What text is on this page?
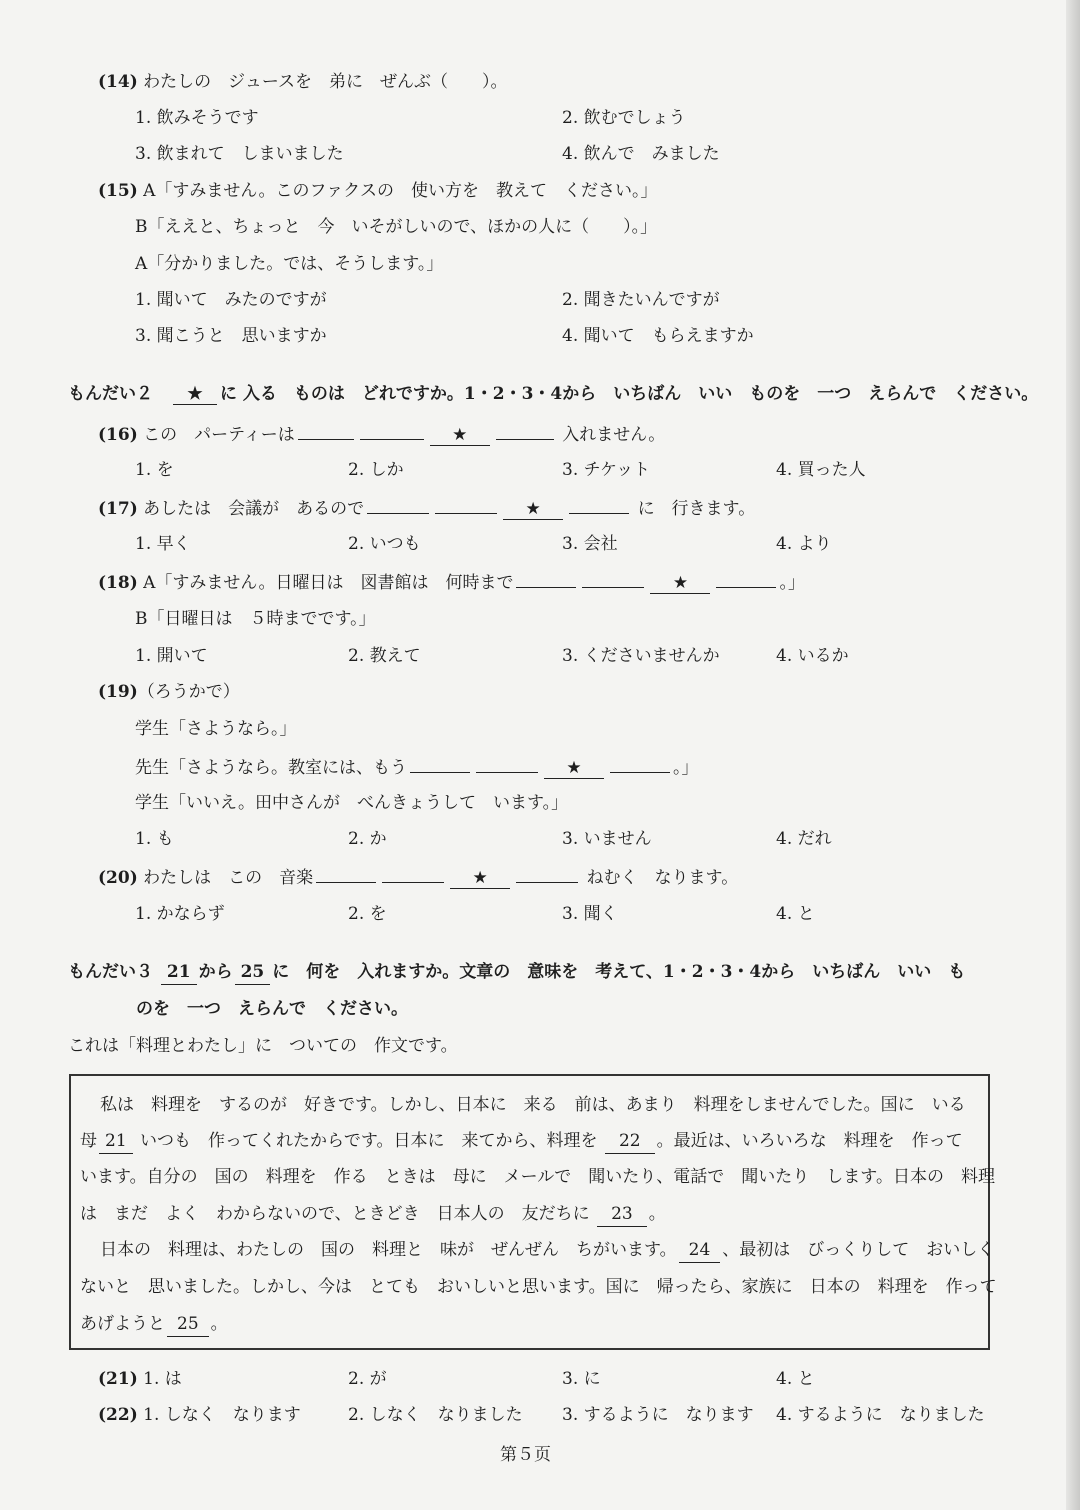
(14) わたしの　ジュースを　弟に　ぜんぶ（　　）。
1. 飲みそうです	2. 飲むでしょう
3. 飲まれて　しまいました	4. 飲んで　みました
(15) A「すみません。このファクスの　使い方を　教えて　ください。」
B「ええと、ちょっと　今　いそがしいので、ほかの人に（　　）。」
A「分かりました。では、そうします。」
1. 聞いて　みたのですが	2. 聞きたいんですが
3. 聞こうと　思いますか	4. 聞いて　もらえますか
もんだい２　★ に 入る　ものは　どれですか。1・2・3・4から　いちばん　いい　ものを　一つ　えらんで　ください。
(16) この　パーティーは	★	入れません。
1. を	2. しか	3. チケット	4. 買った人
(17) あしたは　会議が　あるので	★	に　行きます。
1. 早く	2. いつも	3. 会社	4. より
(18) A「すみません。日曜日は　図書館は　何時まで	★	。」
B「日曜日は　５時までです。」
1. 開いて	2. 教えて	3. くださいませんか	4. いるか
(19)（ろうかで）
学生「さようなら。」
先生「さようなら。教室には、もう	★	。」
学生「いいえ。田中さんが　べんきょうして　います。」
1. も	2. か	3. いません	4. だれ
(20) わたしは　この　音楽	★	ねむく　なります。
1. かならず	2. を	3. 聞く	4. と
もんだい３ 21 から 25 に　何を　入れますか。文章の　意味を　考えて、1・2・3・4から　いちばん　いい　も
のを　一つ　えらんで　ください。
これは「料理とわたし」に　ついての　作文です。
私は　料理を　するのが　好きです。しかし、日本に　来る　前は、あまり　料理をしませんでした。国に　いる
母 21 いつも　作ってくれたからです。日本に　来てから、料理を 22 。最近は、いろいろな　料理を　作って
います。自分の　国の　料理を　作る　ときは　母に　メールで　聞いたり、電話で　聞いたり　します。日本の　料理
は　まだ　よく　わからないので、ときどき　日本人の　友だちに 23 。
日本の　料理は、わたしの　国の　料理と　味が　ぜんぜん　ちがいます。 24 、最初は　びっくりして　おいしく
ないと　思いました。しかし、今は　とても　おいしいと思います。国に　帰ったら、家族に　日本の　料理を　作って
あげようと 25 。
(21) 1. は	2. が	3. に	4. と
(22) 1. しなく　なります	2. しなく　なりました 3. するように　なります 4. するように　なりました
第５页
